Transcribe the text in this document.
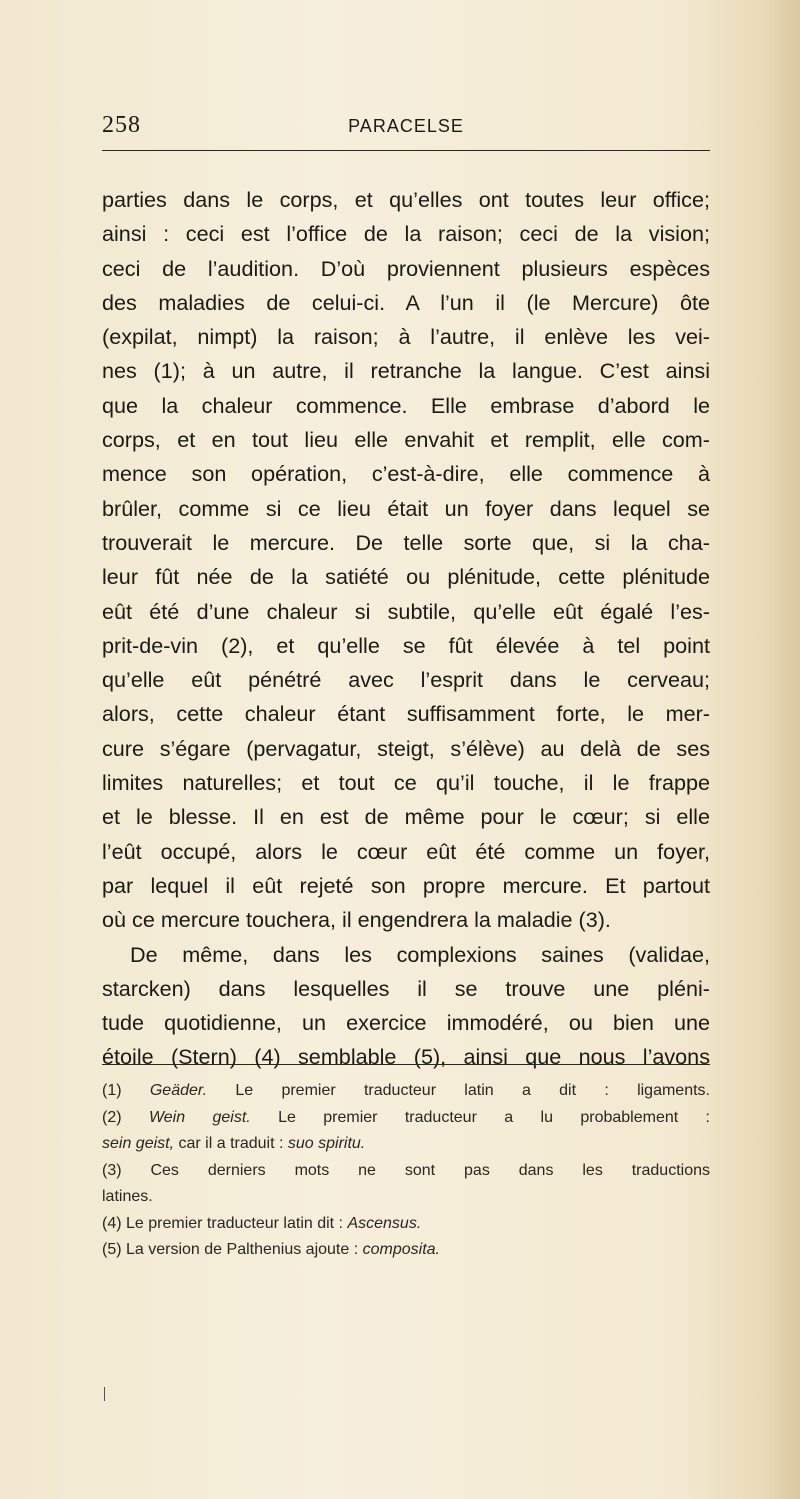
258	PARACELSE
parties dans le corps, et qu’elles ont toutes leur office;
ainsi : ceci est l’office de la raison; ceci de la vision;
ceci de l’audition. D’où proviennent plusieurs espèces
des maladies de celui-ci. A l’un il (le Mercure) ôte
(expilat, nimpt) la raison; à l’autre, il enlève les vei-
nes (1); à un autre, il retranche la langue. C’est ainsi
que la chaleur commence. Elle embrase d’abord le
corps, et en tout lieu elle envahit et remplit, elle com-
mence son opération, c’est-à-dire, elle commence à
brûler, comme si ce lieu était un foyer dans lequel se
trouverait le mercure. De telle sorte que, si la cha-
leur fût née de la satiété ou plénitude, cette plénitude
eût été d’une chaleur si subtile, qu’elle eût égalé l’es-
prit-de-vin (2), et qu’elle se fût élevée à tel point
qu’elle eût pénétré avec l’esprit dans le cerveau;
alors, cette chaleur étant suffisamment forte, le mer-
cure s’égare (pervagatur, steigt, s’élève) au delà de ses
limites naturelles; et tout ce qu’il touche, il le frappe
et le blesse. Il en est de même pour le cœur; si elle
l’eût occupé, alors le cœur eût été comme un foyer,
par lequel il eût rejeté son propre mercure. Et partout
où ce mercure touchera, il engendrera la maladie (3).
De même, dans les complexions saines (validae,
starcken) dans lesquelles il se trouve une pléni-
tude quotidienne, un exercice immodéré, ou bien une
étoile (Stern) (4) semblable (5), ainsi que nous l’avons
(1) Geäder. Le premier traducteur latin a dit : ligaments.
(2) Wein geist. Le premier traducteur a lu probablement :
sein geist, car il a traduit : suo spiritu.
(3) Ces derniers mots ne sont pas dans les traductions
latines.
(4) Le premier traducteur latin dit : Ascensus.
(5) La version de Palthenius ajoute : composita.
